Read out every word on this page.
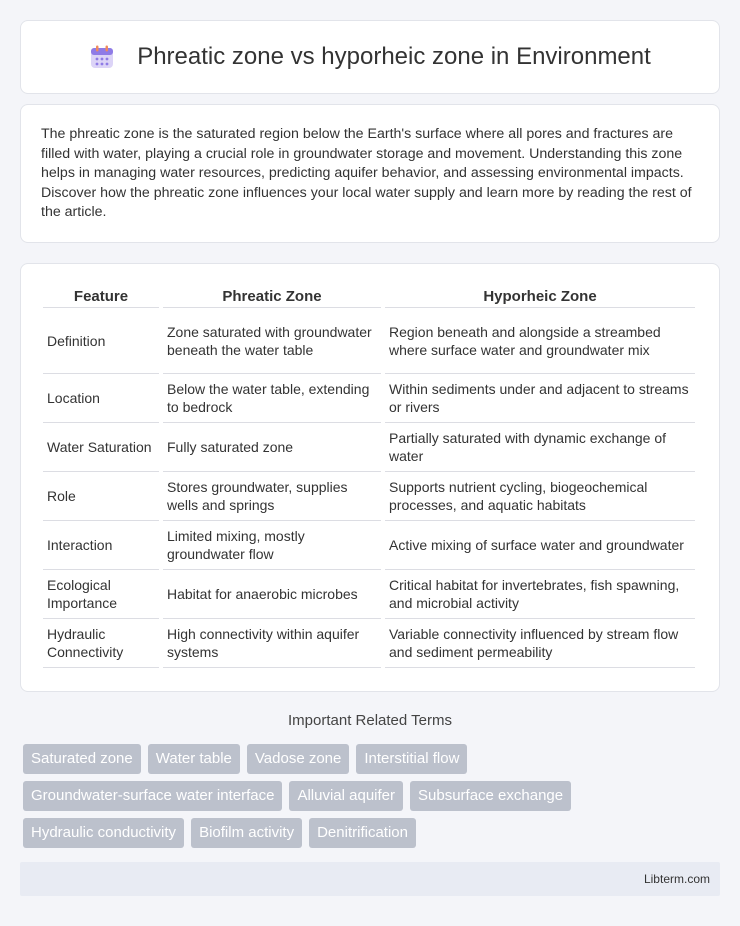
Phreatic zone vs hyporheic zone in Environment

The phreatic zone is the saturated region below the Earth's surface where all pores and fractures are filled with water, playing a crucial role in groundwater storage and movement. Understanding this zone helps in managing water resources, predicting aquifer behavior, and assessing environmental impacts. Discover how the phreatic zone influences your local water supply and learn more by reading the rest of the article.

Feature	Phreatic Zone	Hyporheic Zone
Definition	Zone saturated with groundwater beneath the water table	Region beneath and alongside a streambed where surface water and groundwater mix
Location	Below the water table, extending to bedrock	Within sediments under and adjacent to streams or rivers
Water Saturation	Fully saturated zone	Partially saturated with dynamic exchange of water
Role	Stores groundwater, supplies wells and springs	Supports nutrient cycling, biogeochemical processes, and aquatic habitats
Interaction	Limited mixing, mostly groundwater flow	Active mixing of surface water and groundwater
Ecological Importance	Habitat for anaerobic microbes	Critical habitat for invertebrates, fish spawning, and microbial activity
Hydraulic Connectivity	High connectivity within aquifer systems	Variable connectivity influenced by stream flow and sediment permeability
Important Related Terms
Saturated zone	Water table	Vadose zone	Interstitial flow
Groundwater-surface water interface	Alluvial aquifer	Subsurface exchange
Hydraulic conductivity	Biofilm activity	Denitrification
Libterm.com
